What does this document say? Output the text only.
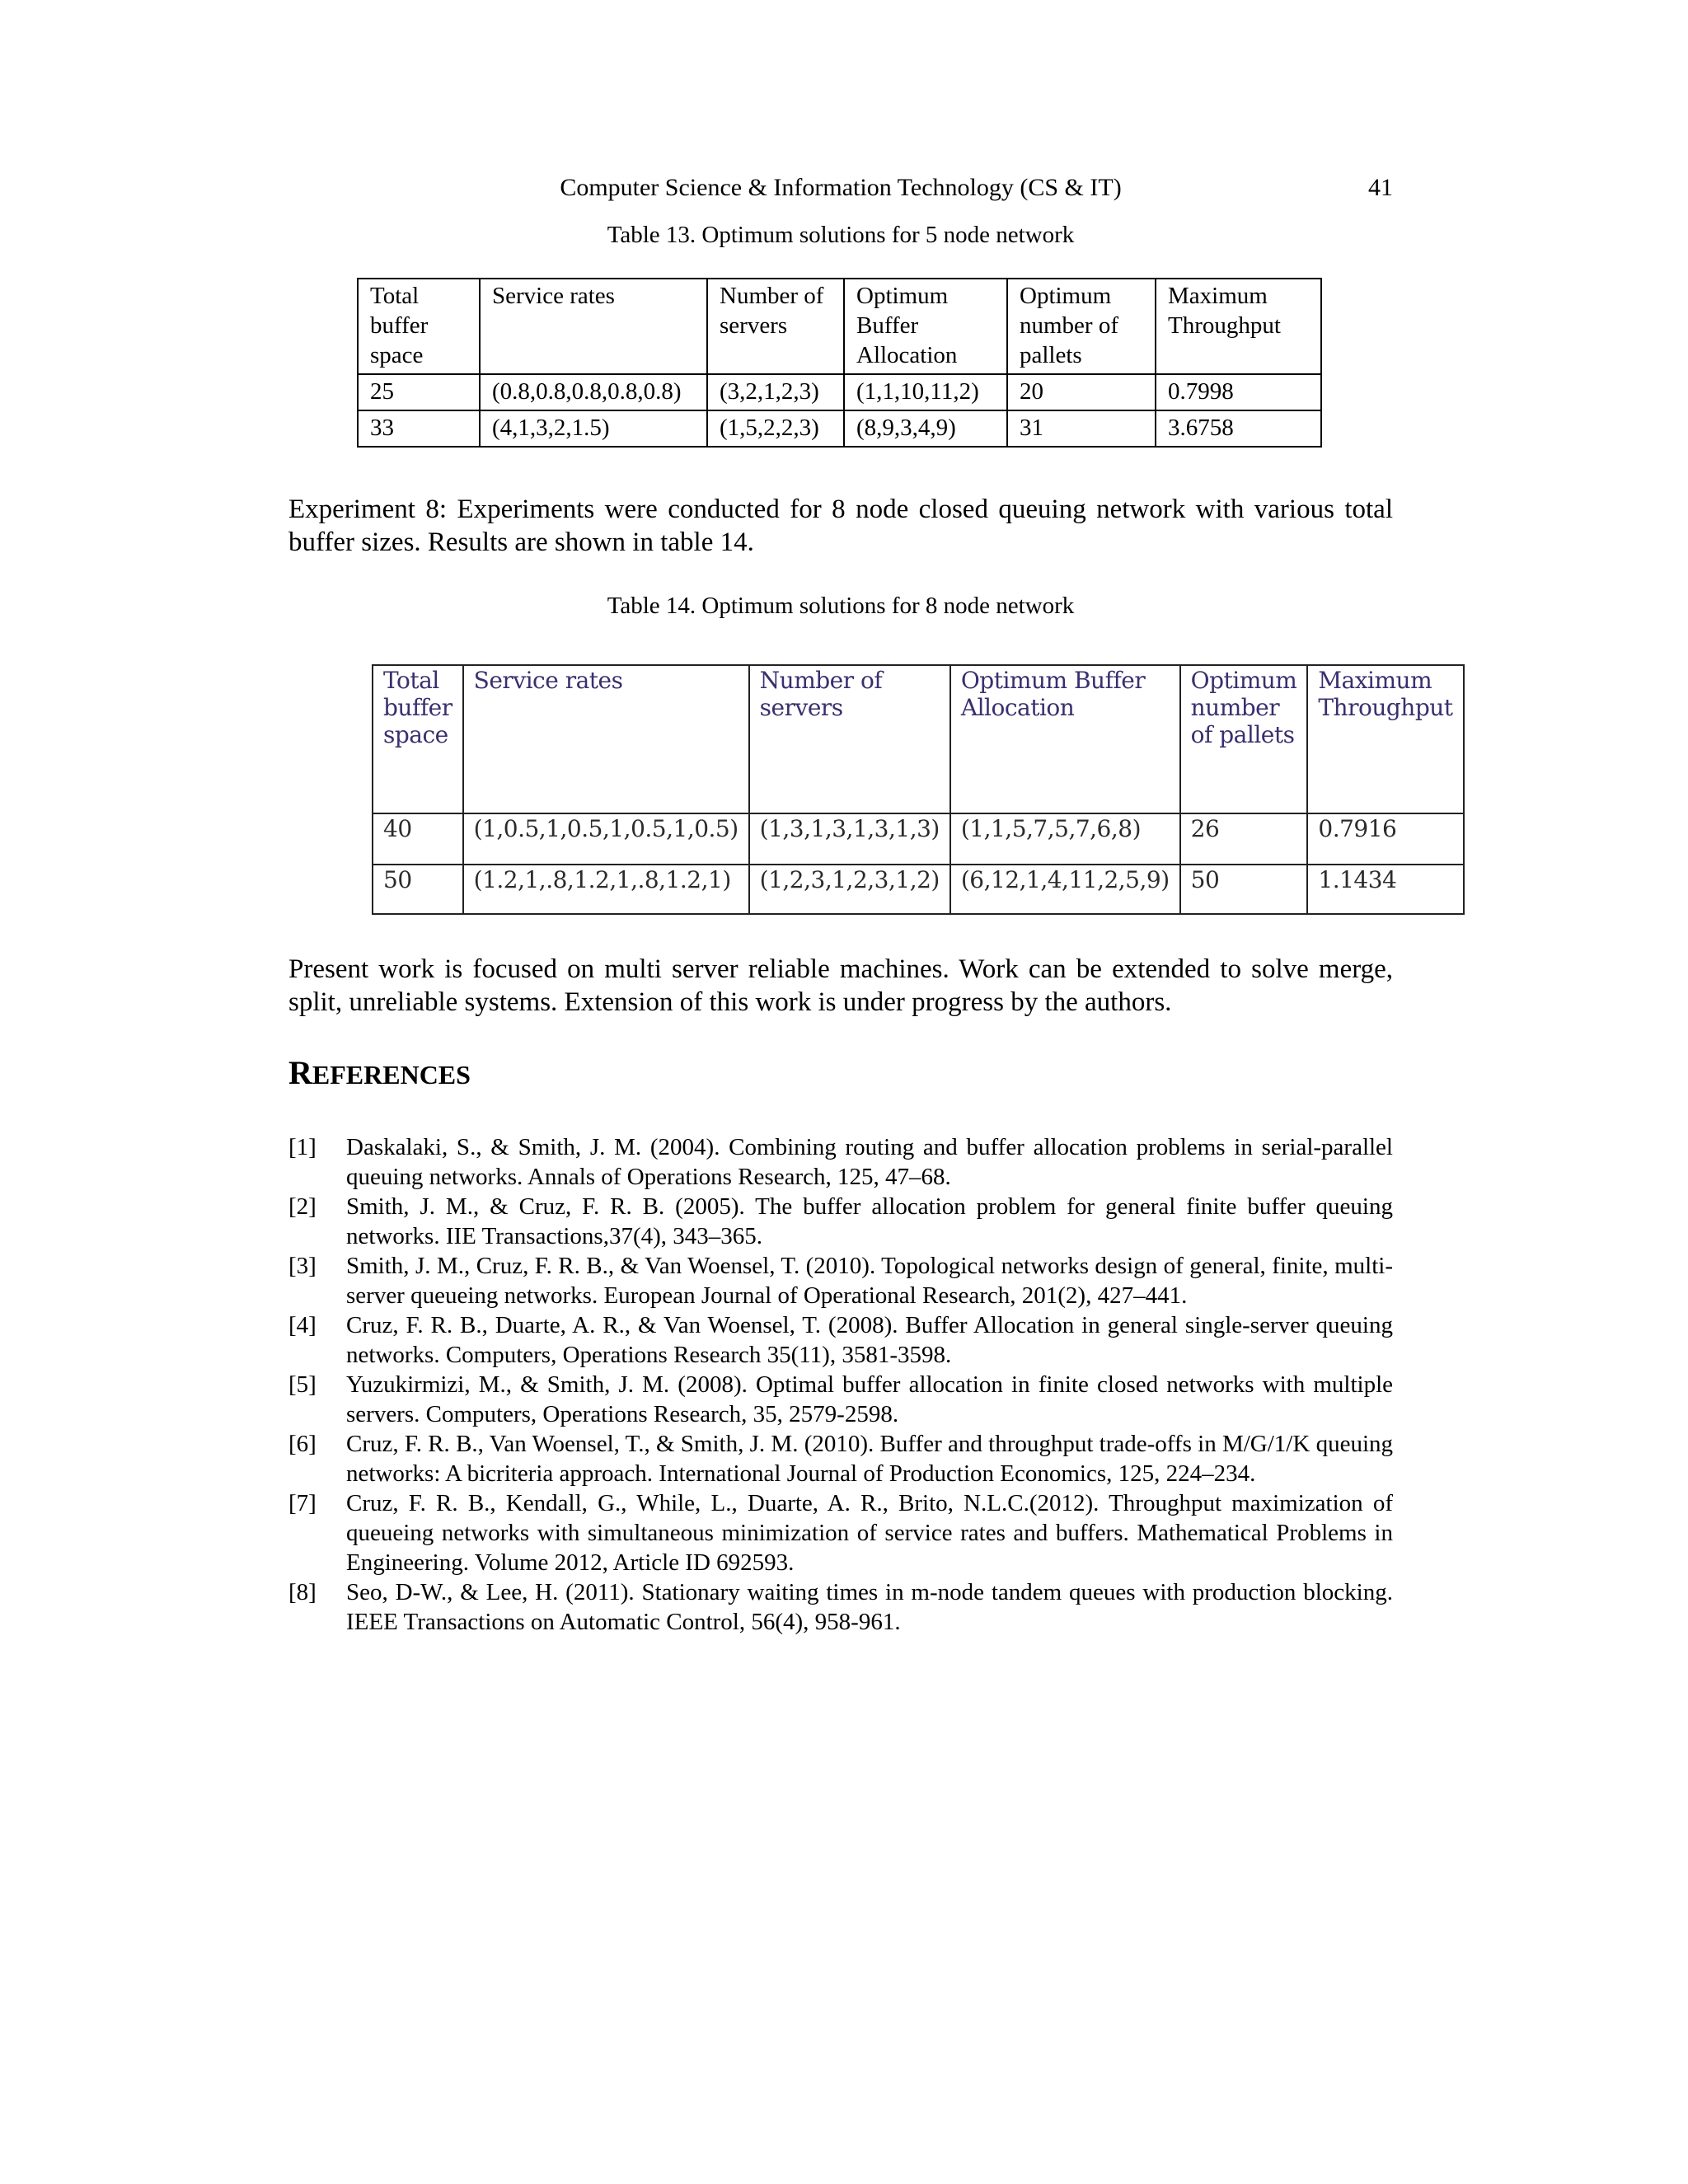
Computer Science & Information Technology (CS & IT)	41
Table 13. Optimum solutions for 5 node network
Total buffer space	Service rates	Number of servers	Optimum Buffer Allocation	Optimum number of pallets	Maximum Throughput
25	(0.8,0.8,0.8,0.8,0.8)	(3,2,1,2,3)	(1,1,10,11,2)	20	0.7998
33	(4,1,3,2,1.5)	(1,5,2,2,3)	(8,9,3,4,9)	31	3.6758

Experiment 8: Experiments were conducted for 8 node closed queuing network with various total buffer sizes. Results are shown in table 14.

Table 14. Optimum solutions for 8 node network
Total buffer space	Service rates	Number of servers	Optimum Buffer Allocation	Optimum number of pallets	Maximum Throughput
40	(1,0.5,1,0.5,1,0.5,1,0.5)	(1,3,1,3,1,3,1,3)	(1,1,5,7,5,7,6,8)	26	0.7916
50	(1.2,1,.8,1.2,1,.8,1.2,1)	(1,2,3,1,2,3,1,2)	(6,12,1,4,11,2,5,9)	50	1.1434

Present work is focused on multi server reliable machines. Work can be extended to solve merge, split, unreliable systems. Extension of this work is under progress by the authors.

REFERENCES
[1]	Daskalaki, S., & Smith, J. M. (2004). Combining routing and buffer allocation problems in serial-parallel queuing networks. Annals of Operations Research, 125, 47–68.
[2]	Smith, J. M., & Cruz, F. R. B. (2005). The buffer allocation problem for general finite buffer queuing networks. IIE Transactions,37(4), 343–365.
[3]	Smith, J. M., Cruz, F. R. B., & Van Woensel, T. (2010). Topological networks design of general, finite, multi-server queueing networks. European Journal of Operational Research, 201(2), 427–441.
[4]	Cruz, F. R. B., Duarte, A. R., & Van Woensel, T. (2008). Buffer Allocation in general single-server queuing networks. Computers, Operations Research 35(11), 3581-3598.
[5]	Yuzukirmizi, M., & Smith, J. M. (2008). Optimal buffer allocation in finite closed networks with multiple servers. Computers, Operations Research, 35, 2579-2598.
[6]	Cruz, F. R. B., Van Woensel, T., & Smith, J. M. (2010). Buffer and throughput trade-offs in M/G/1/K queuing networks: A bicriteria approach. International Journal of Production Economics, 125, 224–234.
[7]	Cruz, F. R. B., Kendall, G., While, L., Duarte, A. R., Brito, N.L.C.(2012). Throughput maximization of queueing networks with simultaneous minimization of service rates and buffers. Mathematical Problems in Engineering. Volume 2012, Article ID 692593.
[8]	Seo, D-W., & Lee, H. (2011). Stationary waiting times in m-node tandem queues with production blocking. IEEE Transactions on Automatic Control, 56(4), 958-961.
